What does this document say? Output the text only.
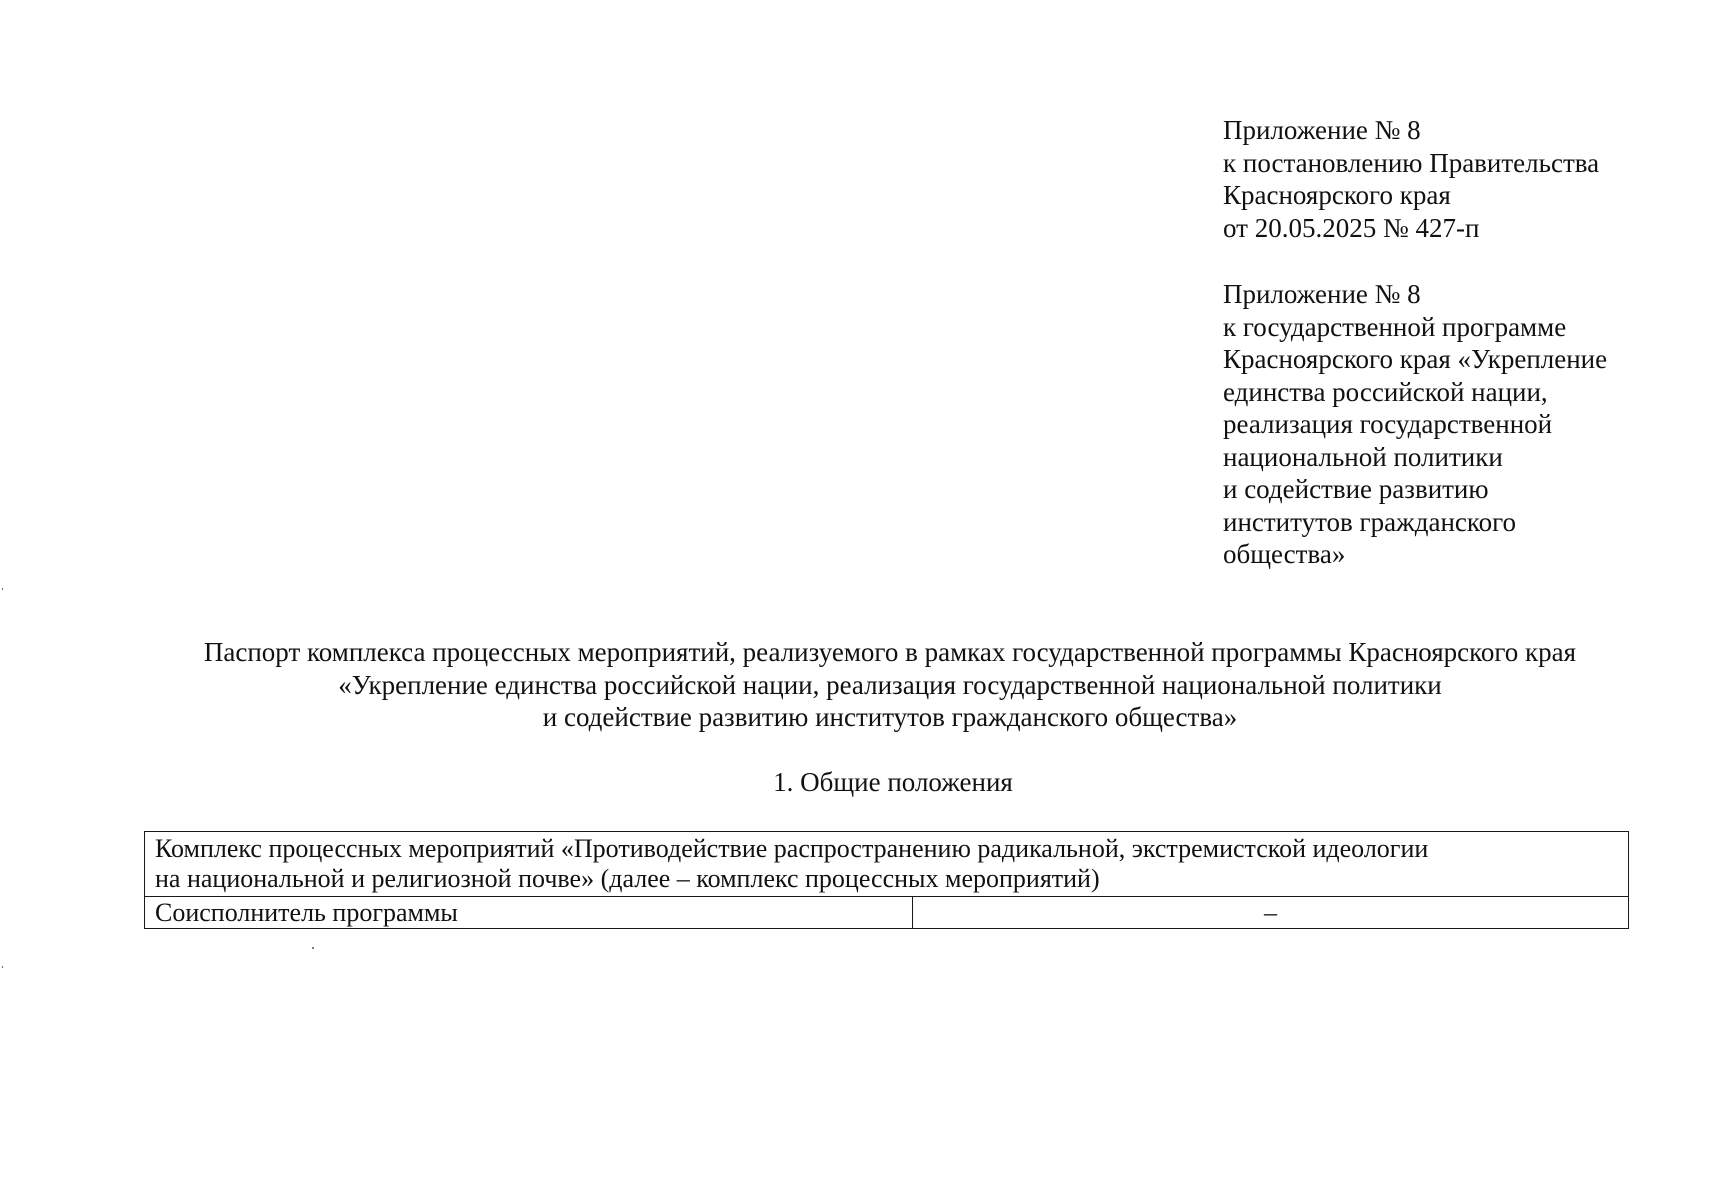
Приложение № 8
к постановлению Правительства
Красноярского края
от 20.05.2025 № 427-п
Приложение № 8
к государственной программе
Красноярского края «Укрепление
единства российской нации,
реализация государственной
национальной политики
и содействие развитию
институтов гражданского
общества»
Паспорт комплекса процессных мероприятий, реализуемого в рамках государственной программы Красноярского края
«Укрепление единства российской нации, реализация государственной национальной политики
и содействие развитию институтов гражданского общества»
1. Общие положения
Комплекс процессных мероприятий «Противодействие распространению радикальной, экстремистской идеологии
на национальной и религиозной почве» (далее – комплекс процессных мероприятий)

Соисполнитель программы	–
